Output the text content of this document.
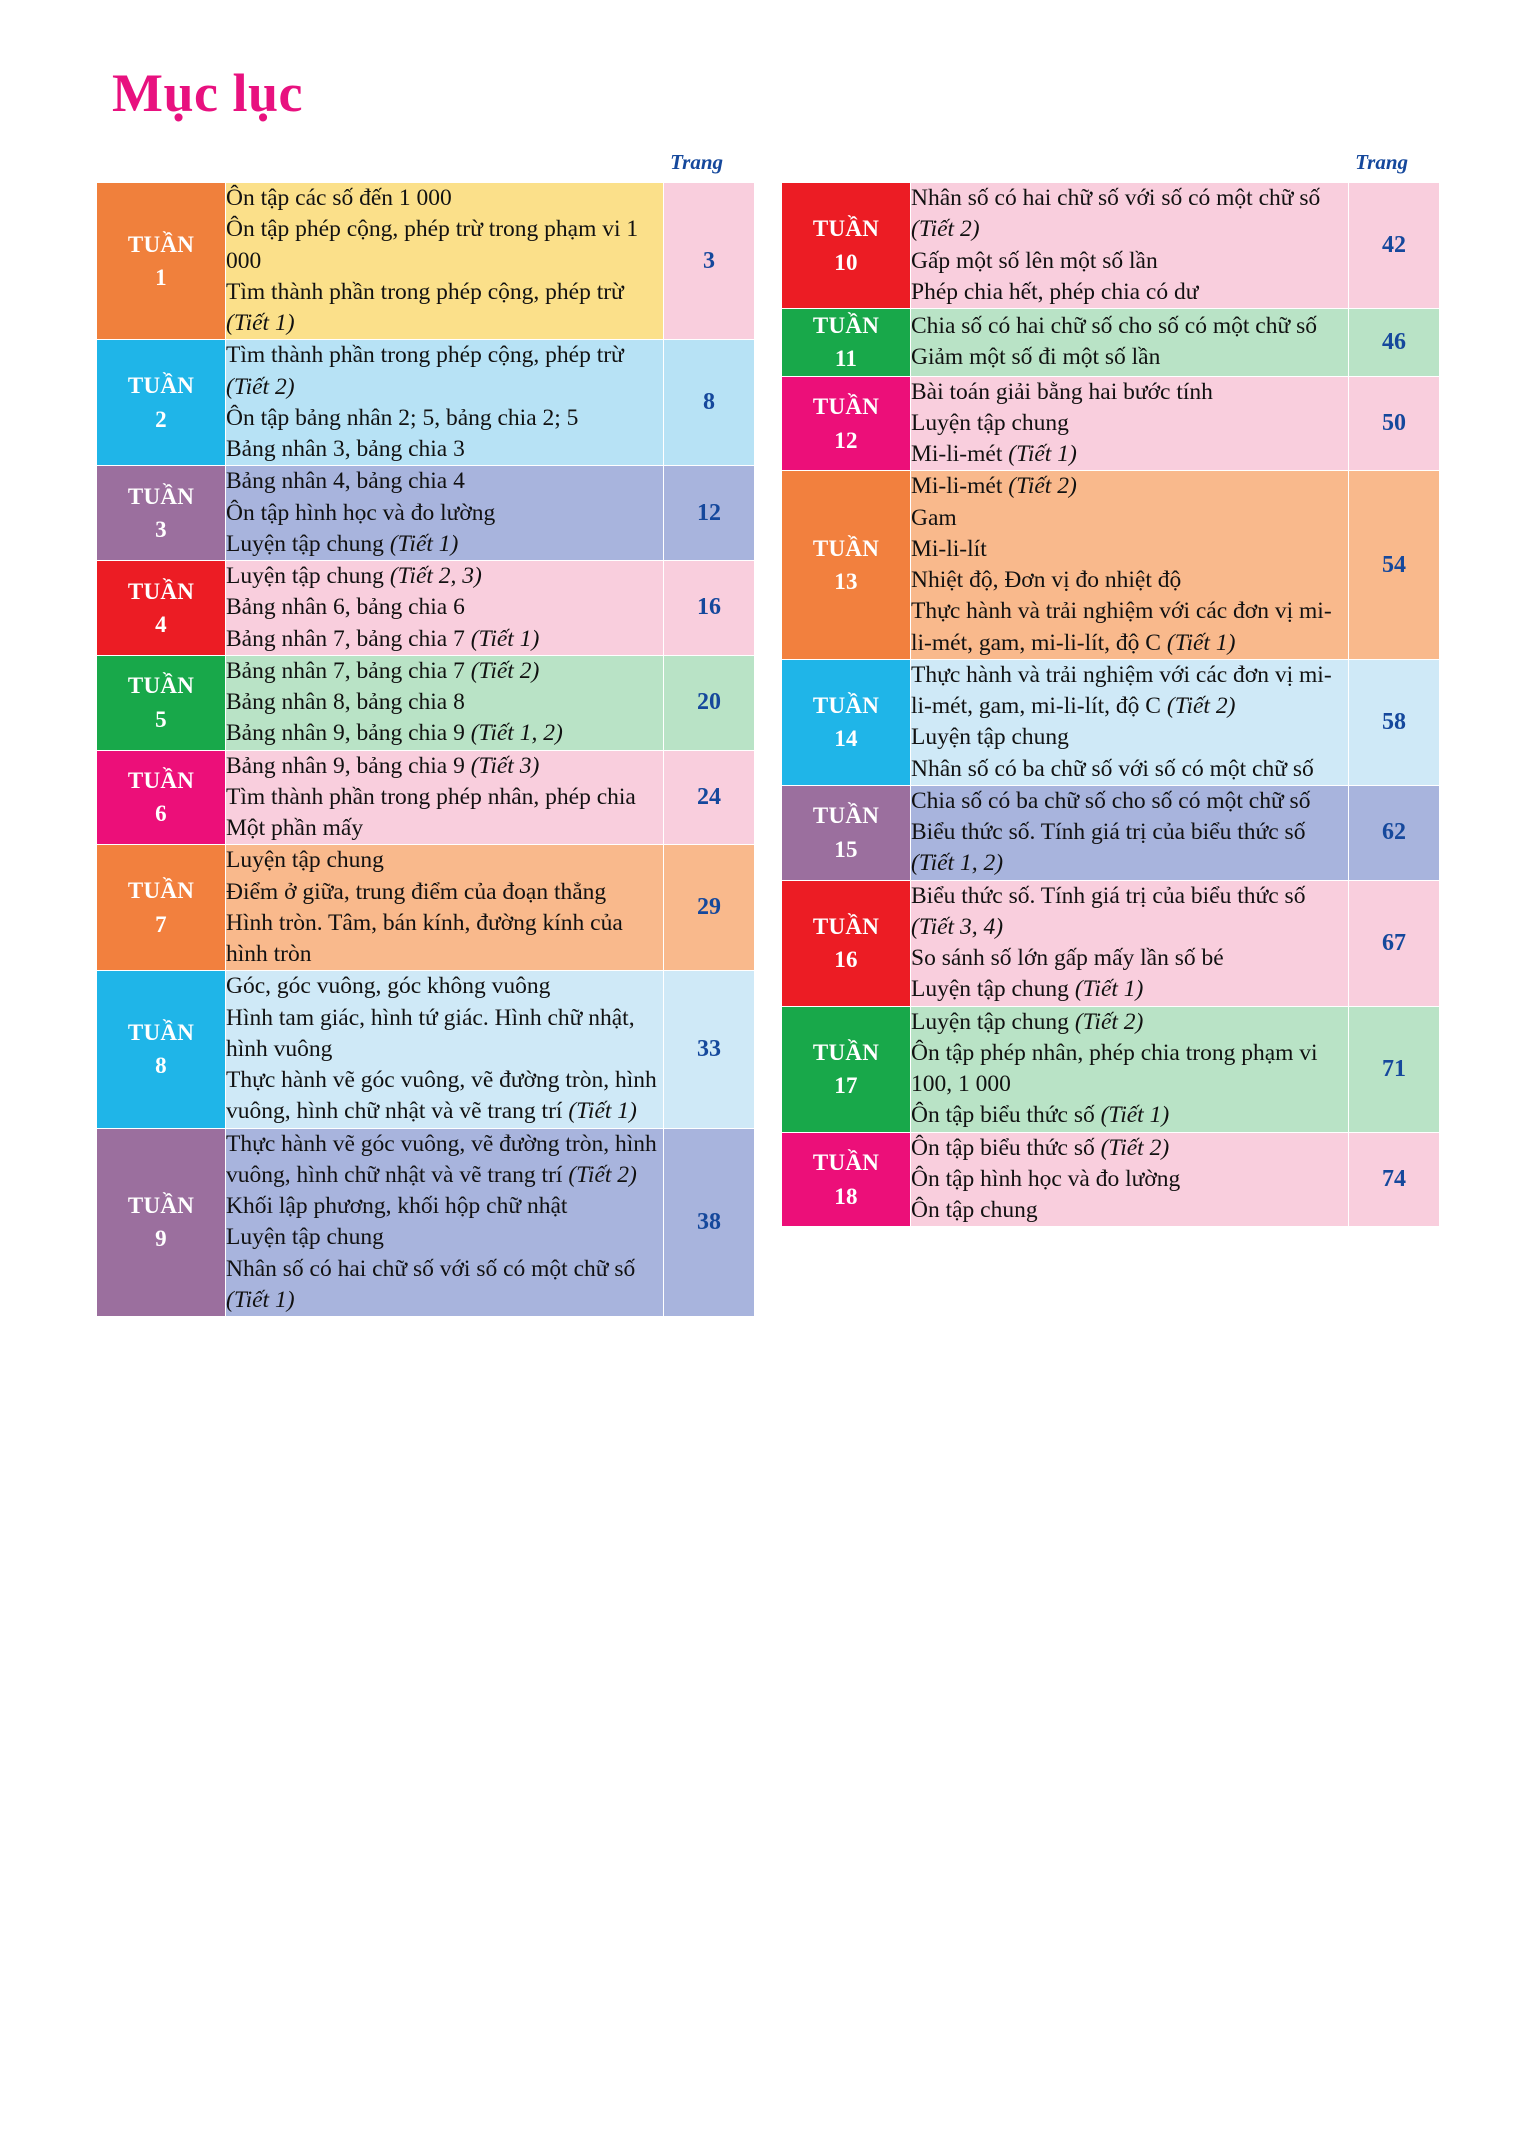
Mục lục
Trang
TUẦN
1

Ôn tập các số đến 1 000
Ôn tập phép cộng, phép trừ trong phạm vi 1 000
Tìm thành phần trong phép cộng, phép trừ (Tiết 1)
	3

TUẦN
2

Tìm thành phần trong phép cộng, phép trừ (Tiết 2)
Ôn tập bảng nhân 2; 5, bảng chia 2; 5
Bảng nhân 3, bảng chia 3
	8

TUẦN
3

Bảng nhân 4, bảng chia 4
Ôn tập hình học và đo lường
Luyện tập chung (Tiết 1)
	12

TUẦN
4

Luyện tập chung (Tiết 2, 3)
Bảng nhân 6, bảng chia 6
Bảng nhân 7, bảng chia 7 (Tiết 1)
	16

TUẦN
5

Bảng nhân 7, bảng chia 7 (Tiết 2)
Bảng nhân 8, bảng chia 8
Bảng nhân 9, bảng chia 9 (Tiết 1, 2)
	20

TUẦN
6

Bảng nhân 9, bảng chia 9 (Tiết 3)
Tìm thành phần trong phép nhân, phép chia
Một phần mấy
	24

TUẦN
7

Luyện tập chung
Điểm ở giữa, trung điểm của đoạn thẳng
Hình tròn. Tâm, bán kính, đường kính của hình tròn
	29

TUẦN
8

Góc, góc vuông, góc không vuông
Hình tam giác, hình tứ giác. Hình chữ nhật, hình vuông
Thực hành vẽ góc vuông, vẽ đường tròn, hình vuông, hình chữ nhật và vẽ trang trí (Tiết 1)
	33

TUẦN
9

Thực hành vẽ góc vuông, vẽ đường tròn, hình vuông, hình chữ nhật và vẽ trang trí (Tiết 2)
Khối lập phương, khối hộp chữ nhật
Luyện tập chung
Nhân số có hai chữ số với số có một chữ số (Tiết 1)
	38
Trang
TUẦN
10

Nhân số có hai chữ số với số có một chữ số (Tiết 2)
Gấp một số lên một số lần
Phép chia hết, phép chia có dư
	42

TUẦN
11

Chia số có hai chữ số cho số có một chữ số
Giảm một số đi một số lần
	46

TUẦN
12

Bài toán giải bằng hai bước tính
Luyện tập chung
Mi-li-mét (Tiết 1)
	50

TUẦN
13

Mi-li-mét (Tiết 2)
Gam
Mi-li-lít
Nhiệt độ, Đơn vị đo nhiệt độ
Thực hành và trải nghiệm với các đơn vị mi-li-mét, gam, mi-li-lít, độ C (Tiết 1)
	54

TUẦN
14

Thực hành và trải nghiệm với các đơn vị mi-li-mét, gam, mi-li-lít, độ C (Tiết 2)
Luyện tập chung
Nhân số có ba chữ số với số có một chữ số
	58

TUẦN
15

Chia số có ba chữ số cho số có một chữ số
Biểu thức số. Tính giá trị của biểu thức số (Tiết 1, 2)
	62

TUẦN
16

Biểu thức số. Tính giá trị của biểu thức số (Tiết 3, 4)
So sánh số lớn gấp mấy lần số bé
Luyện tập chung (Tiết 1)
	67

TUẦN
17

Luyện tập chung (Tiết 2)
Ôn tập phép nhân, phép chia trong phạm vi 100, 1 000
Ôn tập biểu thức số (Tiết 1)
	71

TUẦN
18

Ôn tập biểu thức số (Tiết 2)
Ôn tập hình học và đo lường
Ôn tập chung
	74
